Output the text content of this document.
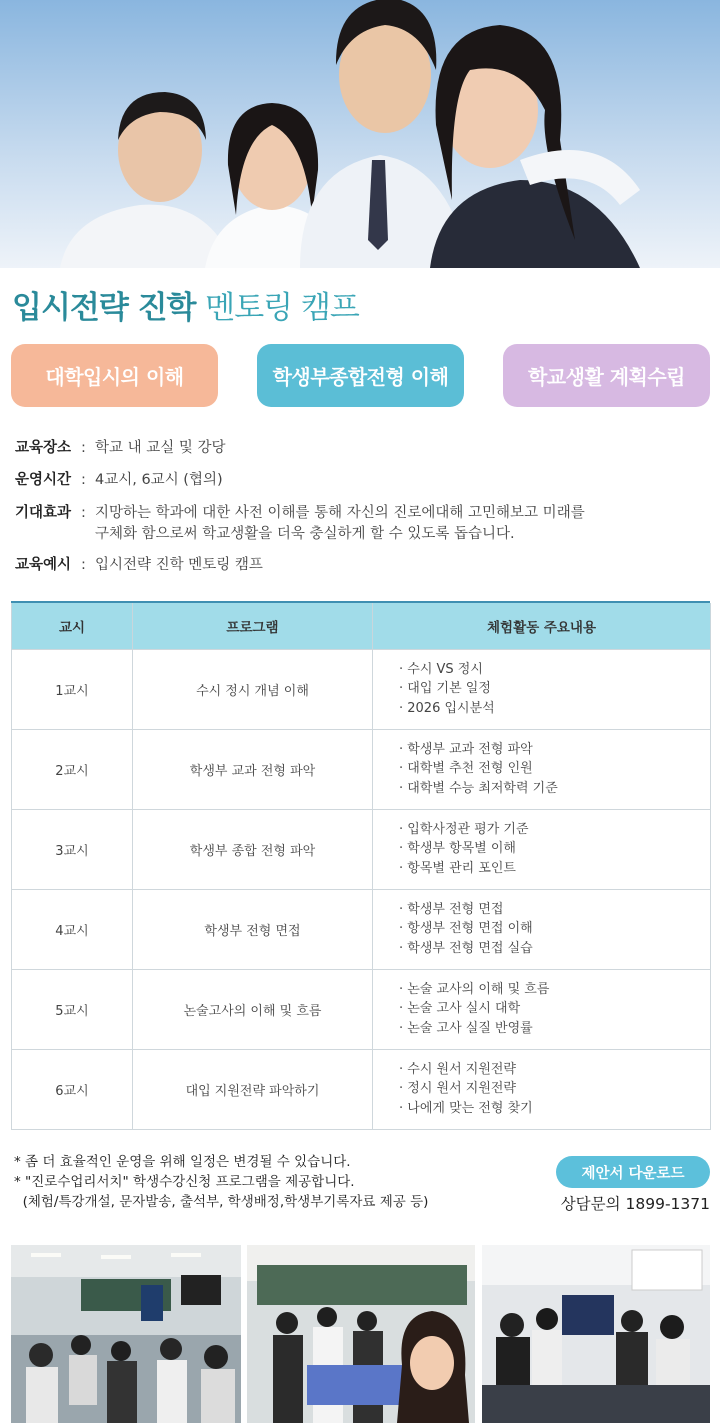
입시전략 진학 멘토링 캠프
대학입시의 이해	학생부종합전형 이해	학교생활 계획수립
교육장소 : 학교 내 교실 및 강당
운영시간 : 4교시, 6교시 (협의)
기대효과 : 지망하는 학과에 대한 사전 이해를 통해 자신의 진로에대해 고민해보고 미래를
구체화 함으로써 학교생활을 더욱 충실하게 할 수 있도록 돕습니다.
교육예시 : 입시전략 진학 멘토링 캠프
교시	프로그램	체험활동 주요내용
1교시	수시 정시 개념 이해	· 수시 VS 정시
· 대입 기본 일정
· 2026 입시분석

2교시	학생부 교과 전형 파악	· 학생부 교과 전형 파악
· 대학별 추천 전형 인원
· 대학별 수능 최저학력 기준

3교시	학생부 종합 전형 파악	· 입학사정관 평가 기준
· 학생부 항목별 이해
· 항목별 관리 포인트

4교시	학생부 전형 면접	· 학생부 전형 면접
· 항생부 전형 면접 이해
· 학생부 전형 면접 실습

5교시	논술고사의 이해 및 흐름	· 논술 교사의 이해 및 흐름
· 논술 고사 실시 대학
· 논술 고사 실질 반영률

6교시	대입 지원전략 파악하기	· 수시 원서 지원전략
· 정시 원서 지원전략
· 나에게 맞는 전형 찾기
* 좀 더 효율적인 운영을 위해 일정은 변경될 수 있습니다.
* "진로수업리서치" 학생수강신청 프로그램을 제공합니다.
(체험/특강개설, 문자발송, 출석부, 학생배정,학생부기록자료 제공 등)
제안서 다운로드
상담문의 1899-1371
